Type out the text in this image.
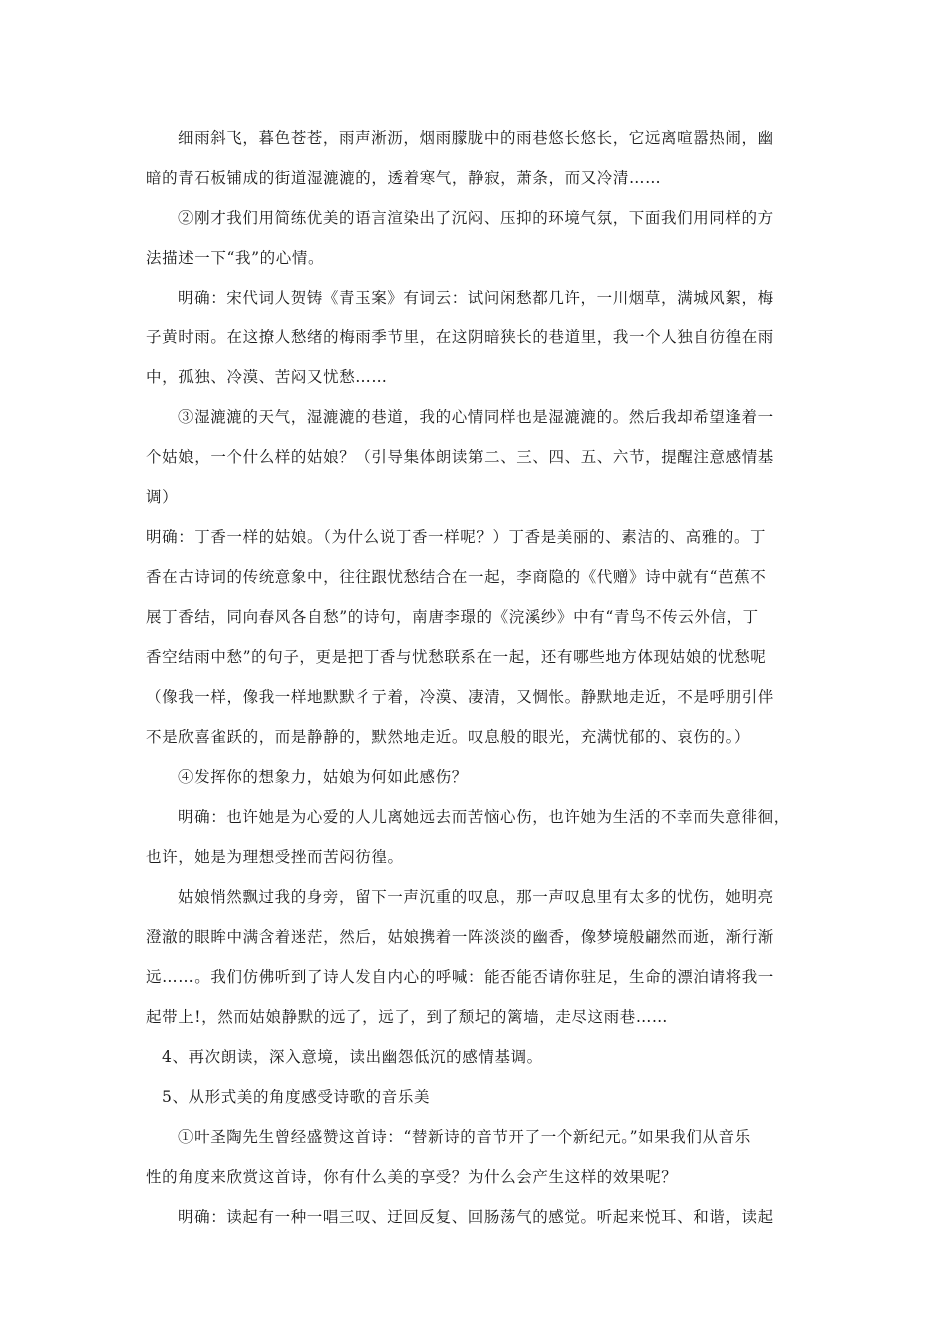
细雨斜飞，暮色苍苍，雨声淅沥，烟雨朦胧中的雨巷悠长悠长，它远离喧嚣热闹，幽
暗的青石板铺成的街道湿漉漉的，透着寒气，静寂，萧条，而又冷清……
②刚才我们用简练优美的语言渲染出了沉闷、压抑的环境气氛，下面我们用同样的方
法描述一下“我”的心情。
明确：宋代词人贺铸《青玉案》有词云：试问闲愁都几许，一川烟草，满城风絮，梅
子黄时雨。在这撩人愁绪的梅雨季节里，在这阴暗狭长的巷道里，我一个人独自彷徨在雨
中，孤独、冷漠、苦闷又忧愁……
③湿漉漉的天气，湿漉漉的巷道，我的心情同样也是湿漉漉的。然后我却希望逢着一
个姑娘，一个什么样的姑娘？（引导集体朗读第二、三、四、五、六节，提醒注意感情基
调）
明确：丁香一样的姑娘。（为什么说丁香一样呢？）丁香是美丽的、素洁的、高雅的。丁
香在古诗词的传统意象中，往往跟忧愁结合在一起，李商隐的《代赠》诗中就有“芭蕉不
展丁香结，同向春风各自愁”的诗句，南唐李璟的《浣溪纱》中有“青鸟不传云外信，丁
香空结雨中愁”的句子，更是把丁香与忧愁联系在一起，还有哪些地方体现姑娘的忧愁呢
（像我一样，像我一样地默默彳亍着，冷漠、凄清，又惆怅。静默地走近，不是呼朋引伴
不是欣喜雀跃的，而是静静的，默然地走近。叹息般的眼光，充满忧郁的、哀伤的。）
④发挥你的想象力，姑娘为何如此感伤？
明确：也许她是为心爱的人儿离她远去而苦恼心伤，也许她为生活的不幸而失意徘徊，
也许，她是为理想受挫而苦闷彷徨。
姑娘悄然飘过我的身旁，留下一声沉重的叹息，那一声叹息里有太多的忧伤，她明亮
澄澈的眼眸中满含着迷茫，然后，姑娘携着一阵淡淡的幽香，像梦境般翩然而逝，渐行渐
远……。我们仿佛听到了诗人发自内心的呼喊：能否能否请你驻足，生命的漂泊请将我一
起带上!，然而姑娘静默的远了，远了，到了颓圮的篱墙，走尽这雨巷……
4、再次朗读，深入意境，读出幽怨低沉的感情基调。
5、从形式美的角度感受诗歌的音乐美
①叶圣陶先生曾经盛赞这首诗：“替新诗的音节开了一个新纪元。”如果我们从音乐
性的角度来欣赏这首诗，你有什么美的享受？为什么会产生这样的效果呢？
明确：读起有一种一唱三叹、迂回反复、回肠荡气的感觉。听起来悦耳、和谐，读起
